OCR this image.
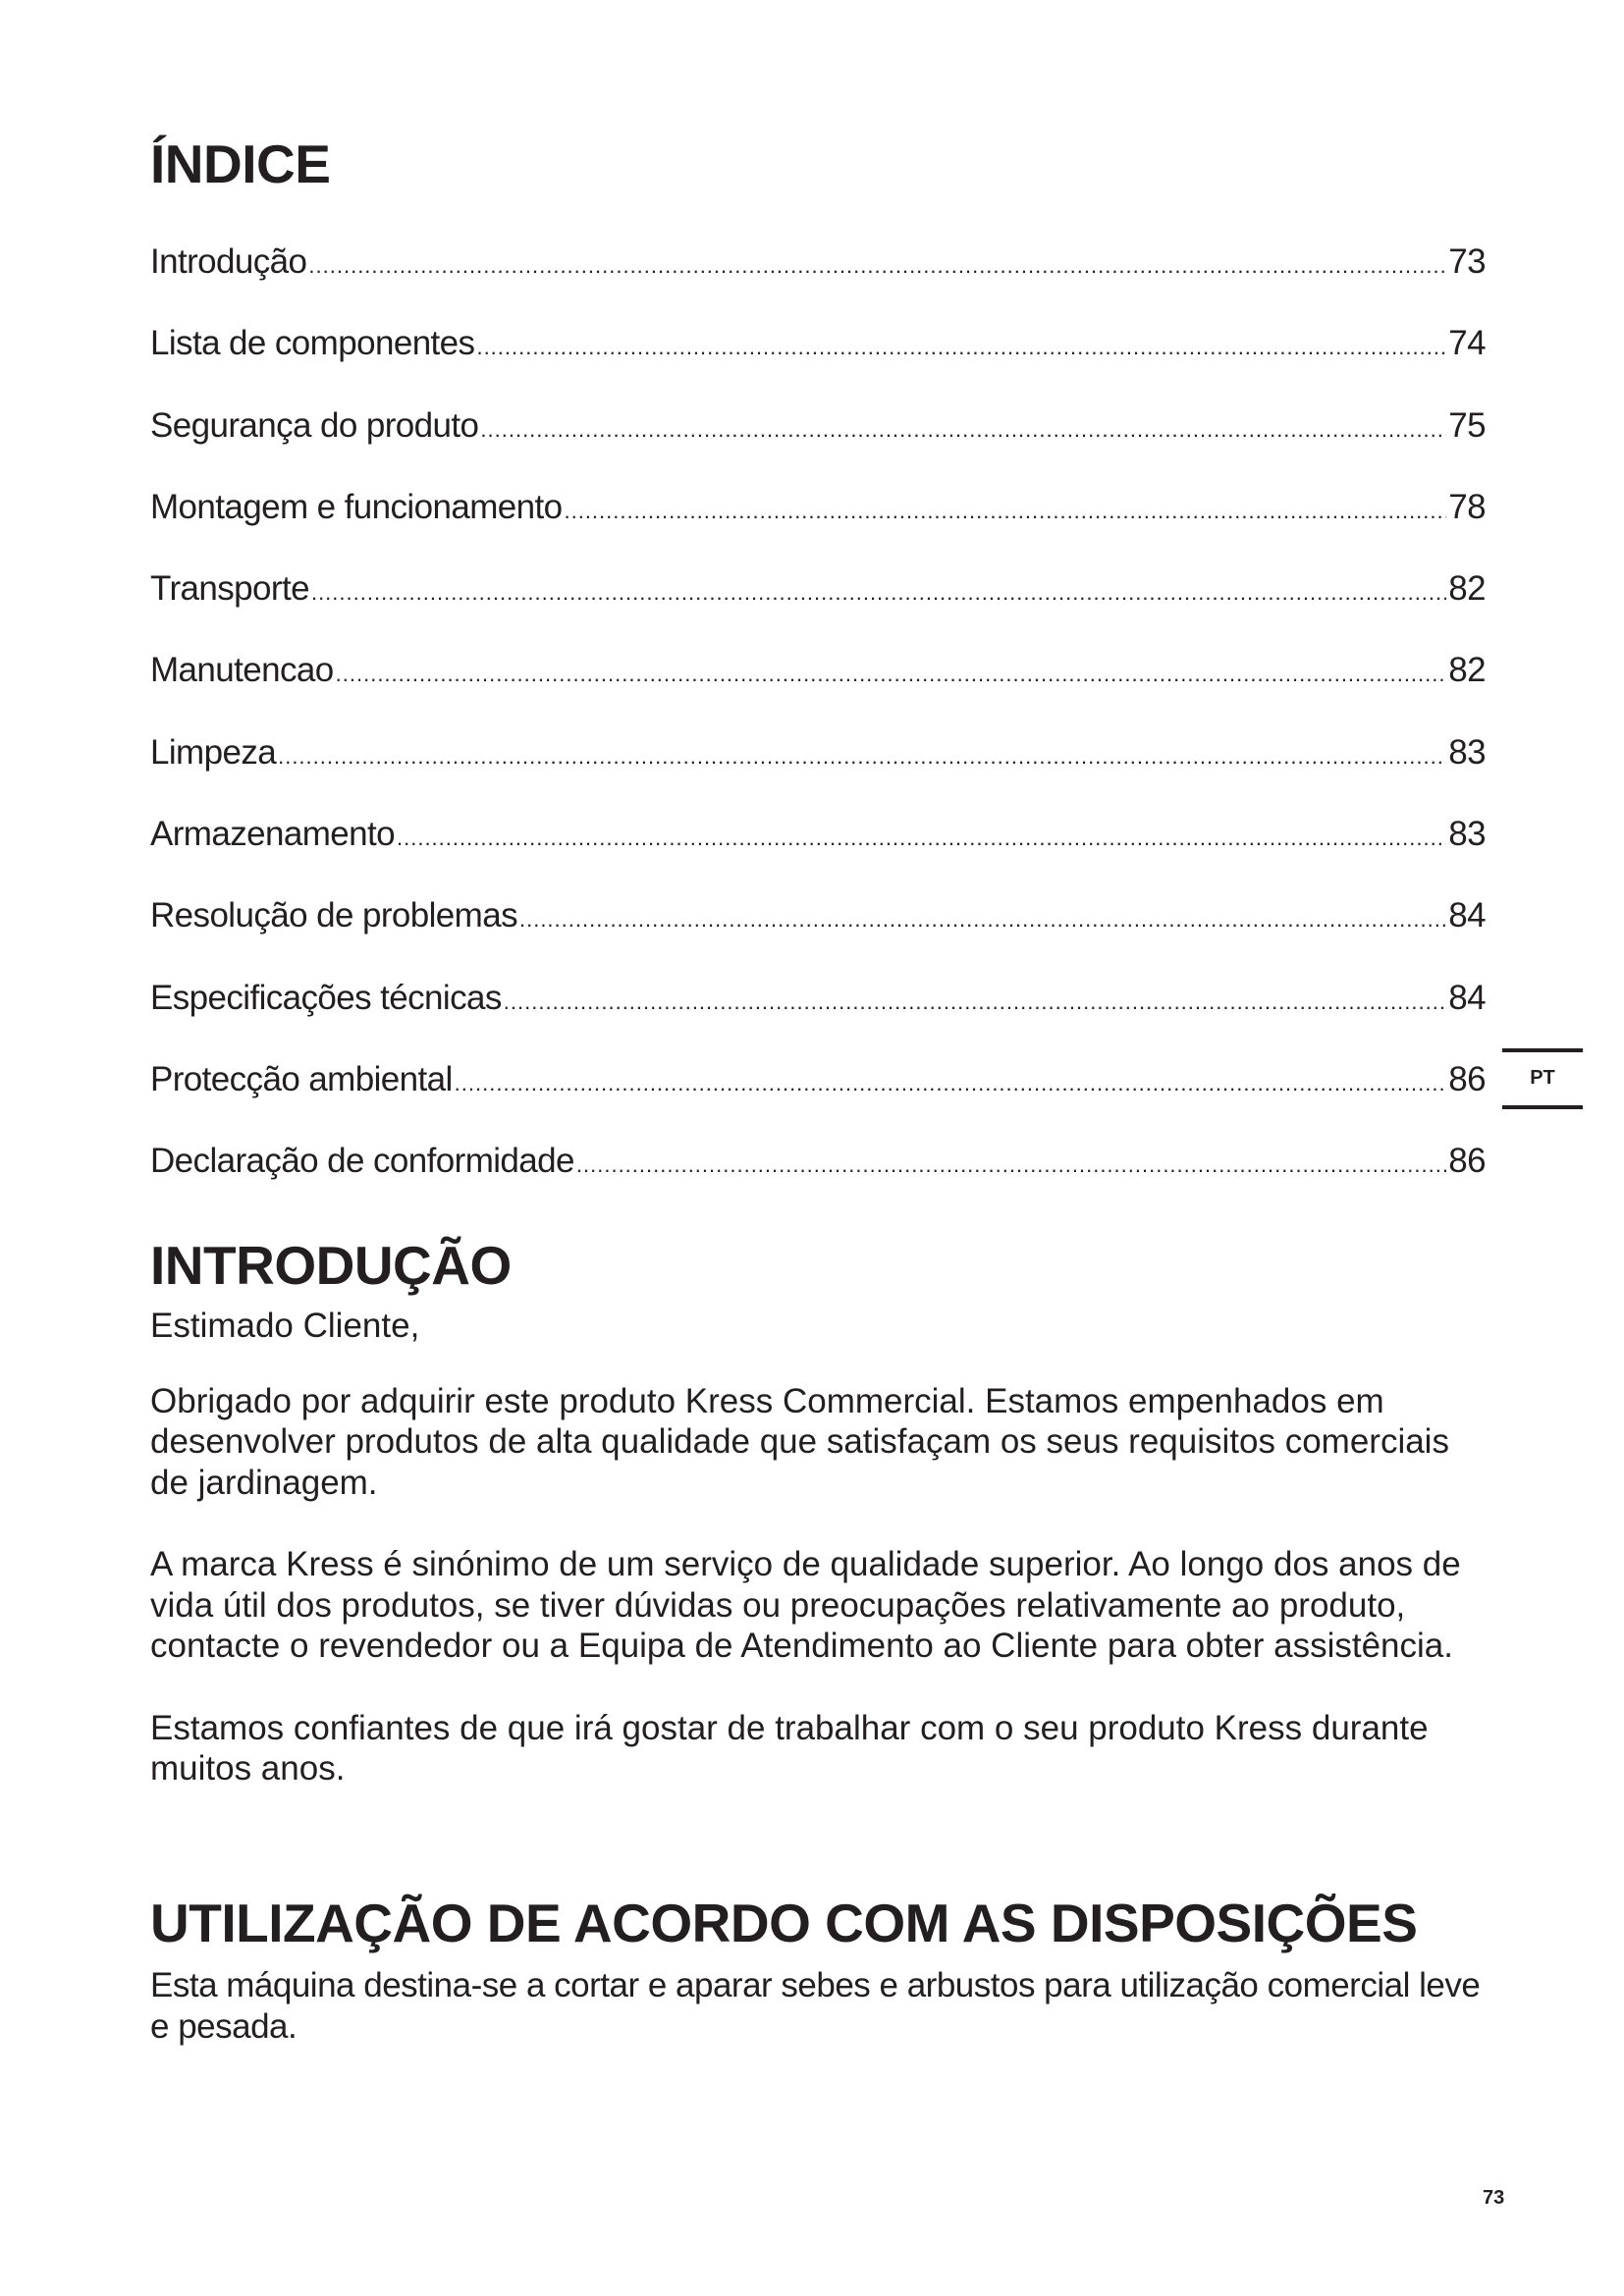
ÍNDICE
Introdução .....	73
Lista de componentes .....	74
Segurança do produto .....	75
Montagem e funcionamento .....	78
Transporte .....	82
Manutencao .....	82
Limpeza .....	83
Armazenamento .....	83
Resolução de problemas .....	84
Especificações técnicas .....	84
Protecção ambiental .....	86
Declaração de conformidade .....	86
INTRODUÇÃO

Estimado Cliente,

Obrigado por adquirir este produto Kress Commercial. Estamos empenhados em desenvolver produtos de alta qualidade que satisfaçam os seus requisitos comerciais de jardinagem.

A marca Kress é sinónimo de um serviço de qualidade superior. Ao longo dos anos de vida útil dos produtos, se tiver dúvidas ou preocupações relativamente ao produto, contacte o revendedor ou a Equipa de Atendimento ao Cliente para obter assistência.

Estamos confiantes de que irá gostar de trabalhar com o seu produto Kress durante muitos anos.

UTILIZAÇÃO DE ACORDO COM AS DISPOSIÇÕES

Esta máquina destina-se a cortar e aparar sebes e arbustos para utilização comercial leve e pesada.

PT
73
